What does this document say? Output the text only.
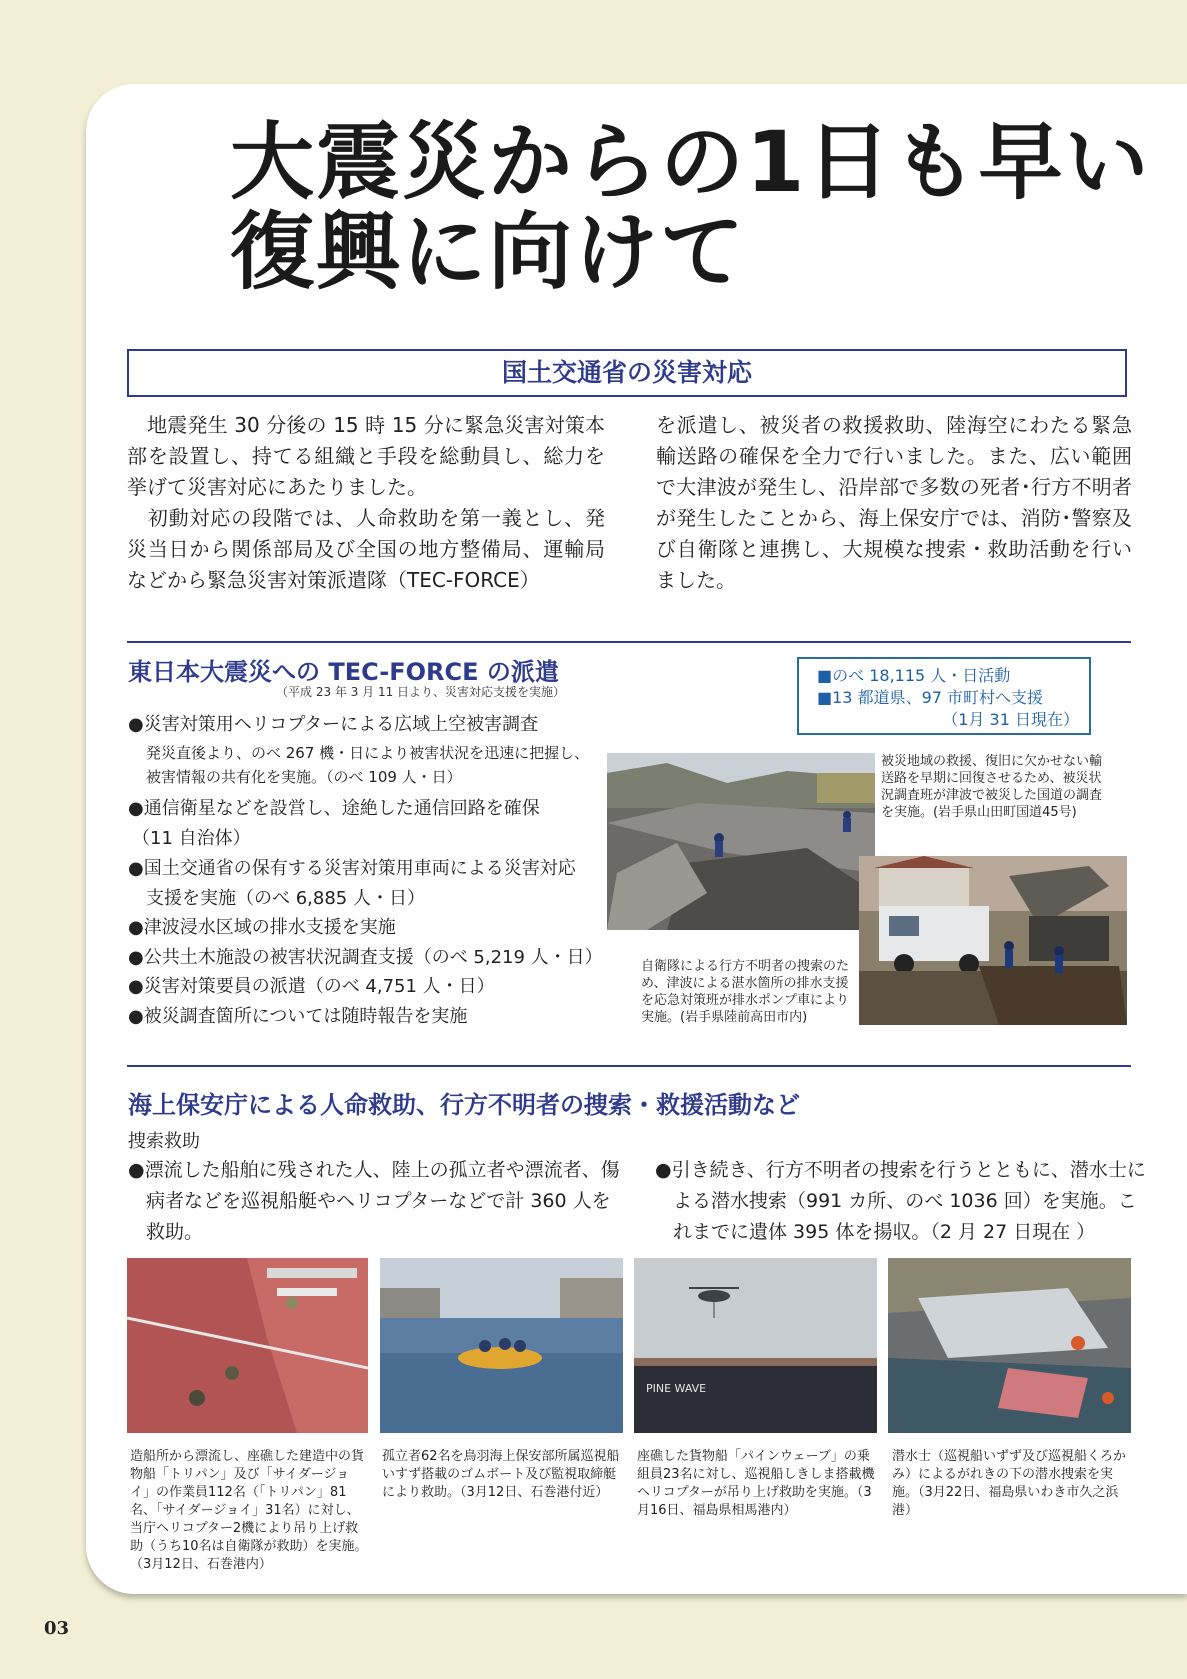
大震災からの1日も早い
復興に向けて
国土交通省の災害対応

　地震発生 30 分後の 15 時 15 分に緊急災害対策本部を設置し、持てる組織と手段を総動員し、総力を挙げて災害対応にあたりました。

　初動対応の段階では、人命救助を第一義とし、発災当日から関係部局及び全国の地方整備局、運輸局などから緊急災害対策派遣隊（TEC-FORCE）

を派遣し、被災者の救援救助、陸海空にわたる緊急輸送路の確保を全力で行いました。また、広い範囲で大津波が発生し、沿岸部で多数の死者･行方不明者が発生したことから、海上保安庁では、消防･警察及び自衛隊と連携し、大規模な捜索・救助活動を行いました。

東日本大震災への TEC-FORCE の派遣
（平成 23 年 3 月 11 日より、災害対応支援を実施）
■のべ 18,115 人・日活動
■13 都道県、97 市町村へ支援
（1月 31 日現在）
●災害対策用ヘリコプターによる広域上空被害調査
発災直後より、のべ 267 機・日により被害状況を迅速に把握し、
被害情報の共有化を実施。（のべ 109 人・日）
●通信衛星などを設営し、途絶した通信回路を確保
（11 自治体）
●国土交通省の保有する災害対策用車両による災害対応
支援を実施（のべ 6,885 人・日）
●津波浸水区域の排水支援を実施
●公共土木施設の被害状況調査支援（のべ 5,219 人・日）
●災害対策要員の派遣（のべ 4,751 人・日）
●被災調査箇所については随時報告を実施
被災地域の救援、復旧に欠かせない輸送路を早期に回復させるため、被災状況調査班が津波で被災した国道の調査を実施。(岩手県山田町国道45号)
自衛隊による行方不明者の捜索のため、津波による湛水箇所の排水支援を応急対策班が排水ポンプ車により実施。(岩手県陸前高田市内)
海上保安庁による人命救助、行方不明者の捜索・救援活動など
捜索救助
●漂流した船舶に残された人、陸上の孤立者や漂流者、傷病者などを巡視船艇やヘリコプターなどで計 360 人を救助。
●引き続き、行方不明者の捜索を行うとともに、潜水士による潜水捜索（991 カ所、のべ 1036 回）を実施。これまでに遺体 395 体を揚収。（2 月 27 日現在 ）
PINE WAVE
造船所から漂流し、座礁した建造中の貨物船「トリパン」及び「サイダージョイ」の作業員112名（「トリパン」81名、「サイダージョイ」31名）に対し、当庁ヘリコプター2機により吊り上げ救助（うち10名は自衛隊が救助）を実施。（3月12日、石巻港内）
孤立者62名を鳥羽海上保安部所属巡視船いすず搭載のゴムボート及び監視取締艇により救助。（3月12日、石巻港付近）
座礁した貨物船「パインウェーブ」の乗組員23名に対し、巡視船しきしま搭載機ヘリコプターが吊り上げ救助を実施。（3月16日、福島県相馬港内）
潜水士（巡視船いずず及び巡視船くろかみ）によるがれきの下の潜水捜索を実施。（3月22日、福島県いわき市久之浜港）
03
